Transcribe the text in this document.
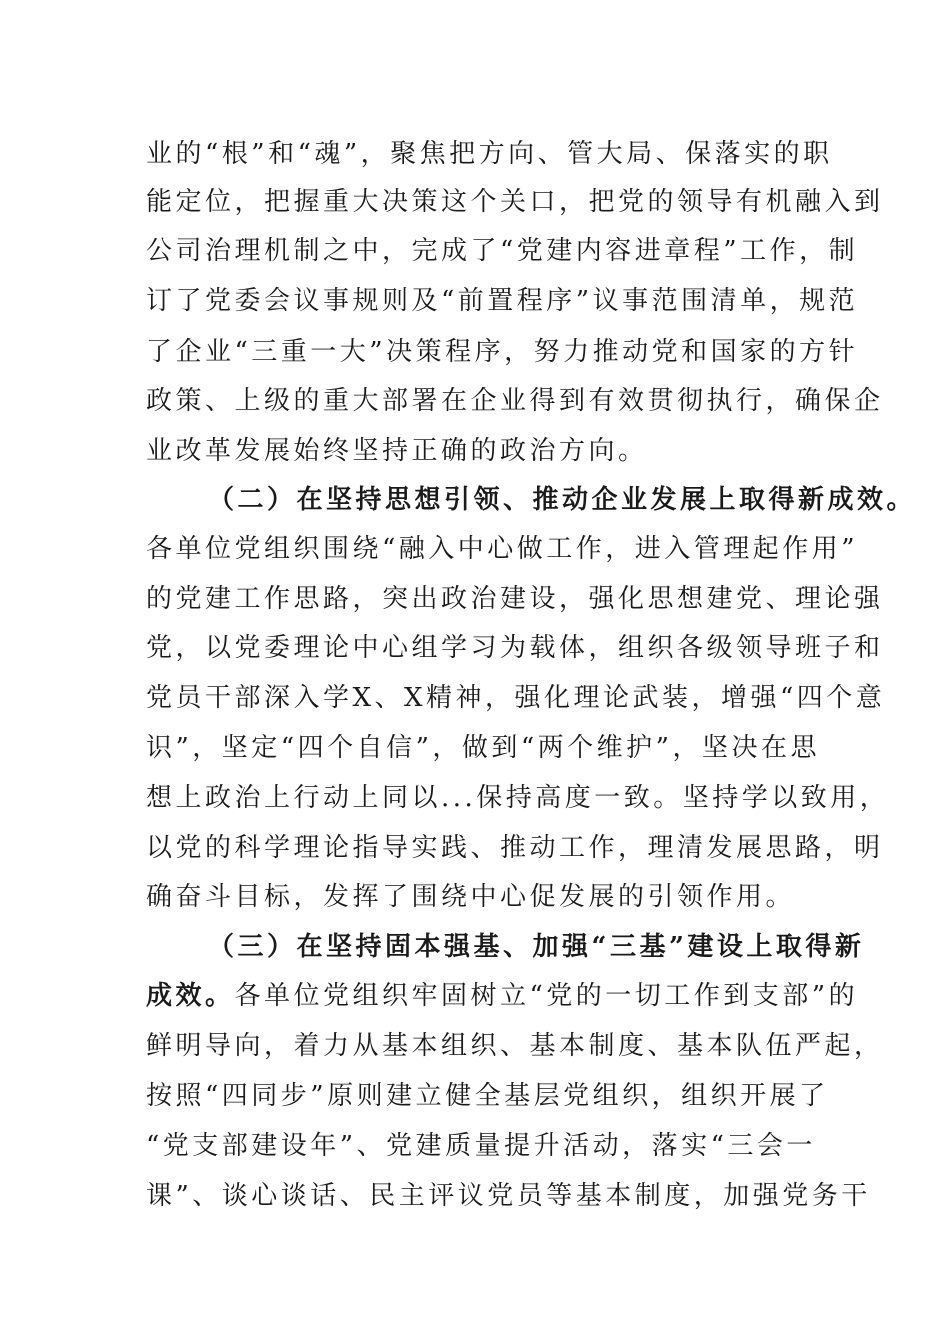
业的“根”和“魂”，聚焦把方向、管大局、保落实的职
能定位，把握重大决策这个关口，把党的领导有机融入到
公司治理机制之中，完成了“党建内容进章程”工作，制
订了党委会议事规则及“前置程序”议事范围清单，规范
了企业“三重一大”决策程序，努力推动党和国家的方针
政策、上级的重大部署在企业得到有效贯彻执行，确保企
业改革发展始终坚持正确的政治方向。
（二）在坚持思想引领、推动企业发展上取得新成效。
各单位党组织围绕“融入中心做工作，进入管理起作用”
的党建工作思路，突出政治建设，强化思想建党、理论强
党，以党委理论中心组学习为载体，组织各级领导班子和
党员干部深入学X、X精神，强化理论武装，增强“四个意
识”，坚定“四个自信”，做到“两个维护”，坚决在思
想上政治上行动上同以...保持高度一致。坚持学以致用，
以党的科学理论指导实践、推动工作，理清发展思路，明
确奋斗目标，发挥了围绕中心促发展的引领作用。
（三）在坚持固本强基、加强“三基”建设上取得新
成效。各单位党组织牢固树立“党的一切工作到支部”的
鲜明导向，着力从基本组织、基本制度、基本队伍严起，
按照“四同步”原则建立健全基层党组织，组织开展了
“党支部建设年”、党建质量提升活动，落实“三会一
课”、谈心谈话、民主评议党员等基本制度，加强党务干
